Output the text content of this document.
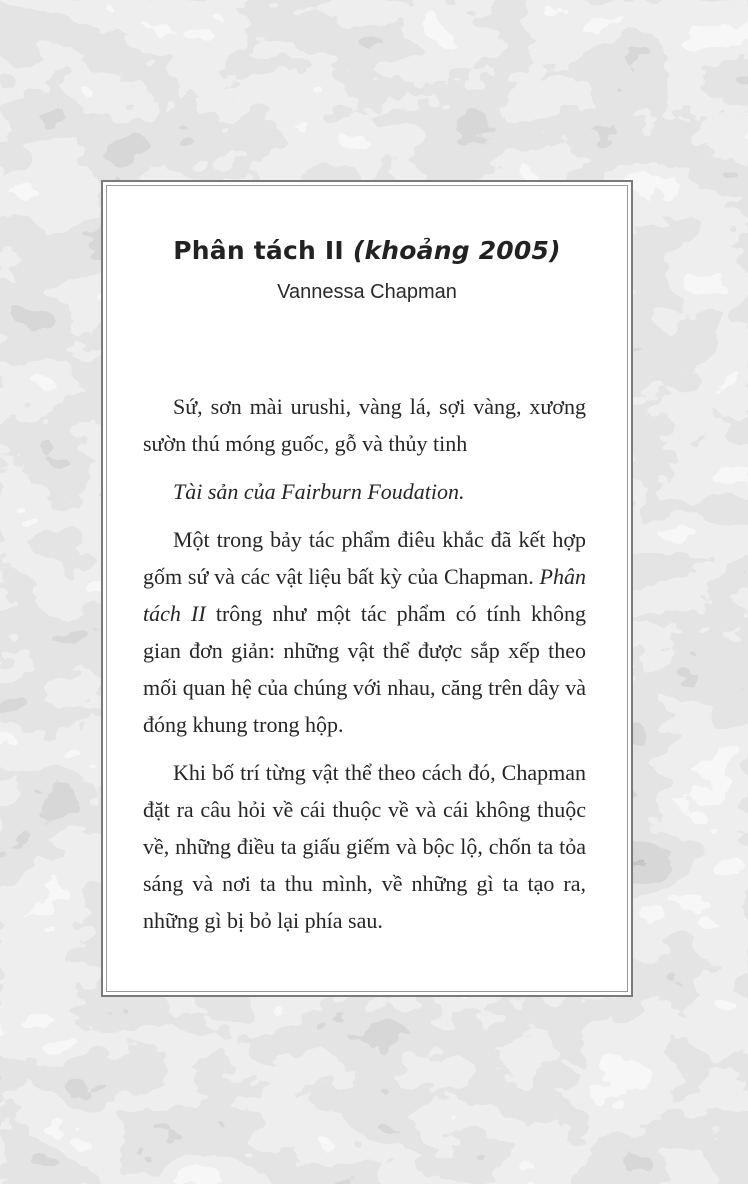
Phân tách II (khoảng 2005)

Vannessa Chapman

Sứ, sơn mài urushi, vàng lá, sợi vàng, xương sườn thú móng guốc, gỗ và thủy tinh

Tài sản của Fairburn Foudation.

Một trong bảy tác phẩm điêu khắc đã kết hợp gốm sứ và các vật liệu bất kỳ của Chapman. Phân tách II trông như một tác phẩm có tính không gian đơn giản: những vật thể được sắp xếp theo mối quan hệ của chúng với nhau, căng trên dây và đóng khung trong hộp.

Khi bố trí từng vật thể theo cách đó, Chapman đặt ra câu hỏi về cái thuộc về và cái không thuộc về, những điều ta giấu giếm và bộc lộ, chốn ta tỏa sáng và nơi ta thu mình, về những gì ta tạo ra, những gì bị bỏ lại phía sau.
